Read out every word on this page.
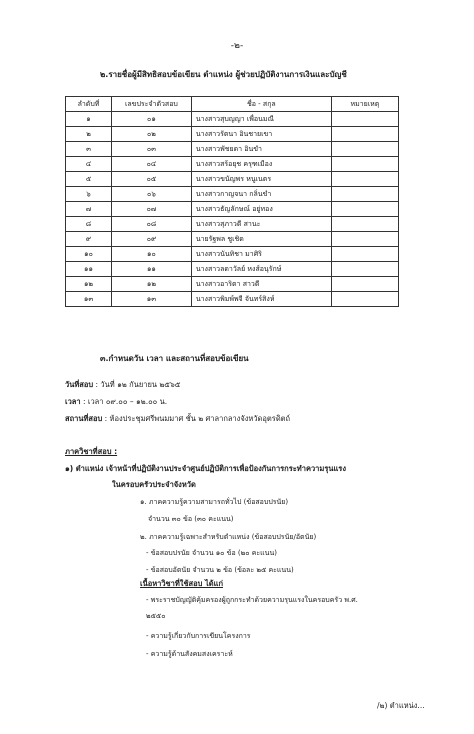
-๒-
๒.รายชื่อผู้มีสิทธิสอบข้อเขียน ตำแหน่ง ผู้ช่วยปฏิบัติงานการเงินและบัญชี
ลำดับที่	เลขประจำตัวสอบ	ชื่อ - สกุล	หมายเหตุ
๑	๐๑	นางสาวสุบญญา เพื่อนมณี	
๒	๐๒	นางสาวรัตนา อินชายเขา	
๓	๐๓	นางสาวพัชยดา อินขำ	
๔	๐๔	นางสาวสร้อยุช ครุฑเมือง	
๕	๐๕	นางสาวขนัญพร หนูเนตร	
๖	๐๖	นางสาวกาญจนา กลิ่นขำ	
๗	๐๗	นางสาวธัญลักษณ์ อยู่ทอง	
๘	๐๘	นางสาวสุภาวดี สานะ	
๙	๐๙	นายรัฐพล ชูเชิด	
๑๐	๑๐	นางสาวนันทิชา มาศิริ	
๑๑	๑๑	นางสาวลดาวัลย์ หงส์อนุรักษ์	
๑๒	๑๒	นางสาวอาริตา สาวดี	
๑๓	๑๓	นางสาวพิมพ์พจี จันทร์สิงห์	
๓.กำหนดวัน เวลา และสถานที่สอบข้อเขียน
วันที่สอบ : วันที่ ๑๒ กันยายน ๒๕๖๕
เวลา : เวลา ๐๙.๐๐ – ๑๒.๐๐ น.
สถานที่สอบ : ห้องประชุมศรีพนมมาศ ชั้น ๒ ศาลากลางจังหวัดอุตรดิตถ์
ภาควิชาที่สอบ :
๑) ตำแหน่ง เจ้าหน้าที่ปฏิบัติงานประจำศูนย์ปฏิบัติการเพื่อป้องกันการกระทำความรุนแรง
ในครอบครัวประจำจังหวัด
๑. ภาคความรู้ความสามารถทั่วไป (ข้อสอบปรนัย)
จำนวน ๓๐ ข้อ (๓๐ คะแนน)
๒. ภาคความรู้เฉพาะสำหรับตำแหน่ง (ข้อสอบปรนัย/อัตนัย)
- ข้อสอบปรนัย จำนวน ๑๐ ข้อ (๒๐ คะแนน)
- ข้อสอบอัตนัย จำนวน ๒ ข้อ (ข้อละ ๒๕ คะแนน)
เนื้อหาวิชาที่ใช้สอบ ได้แก่
- พระราชบัญญัติคุ้มครองผู้ถูกกระทำด้วยความรุนแรงในครอบครัว พ.ศ.
๒๕๕๐
- ความรู้เกี่ยวกับการเขียนโครงการ
- ความรู้ด้านสังคมสงเคราะห์
/๒) ตำแหน่ง...
